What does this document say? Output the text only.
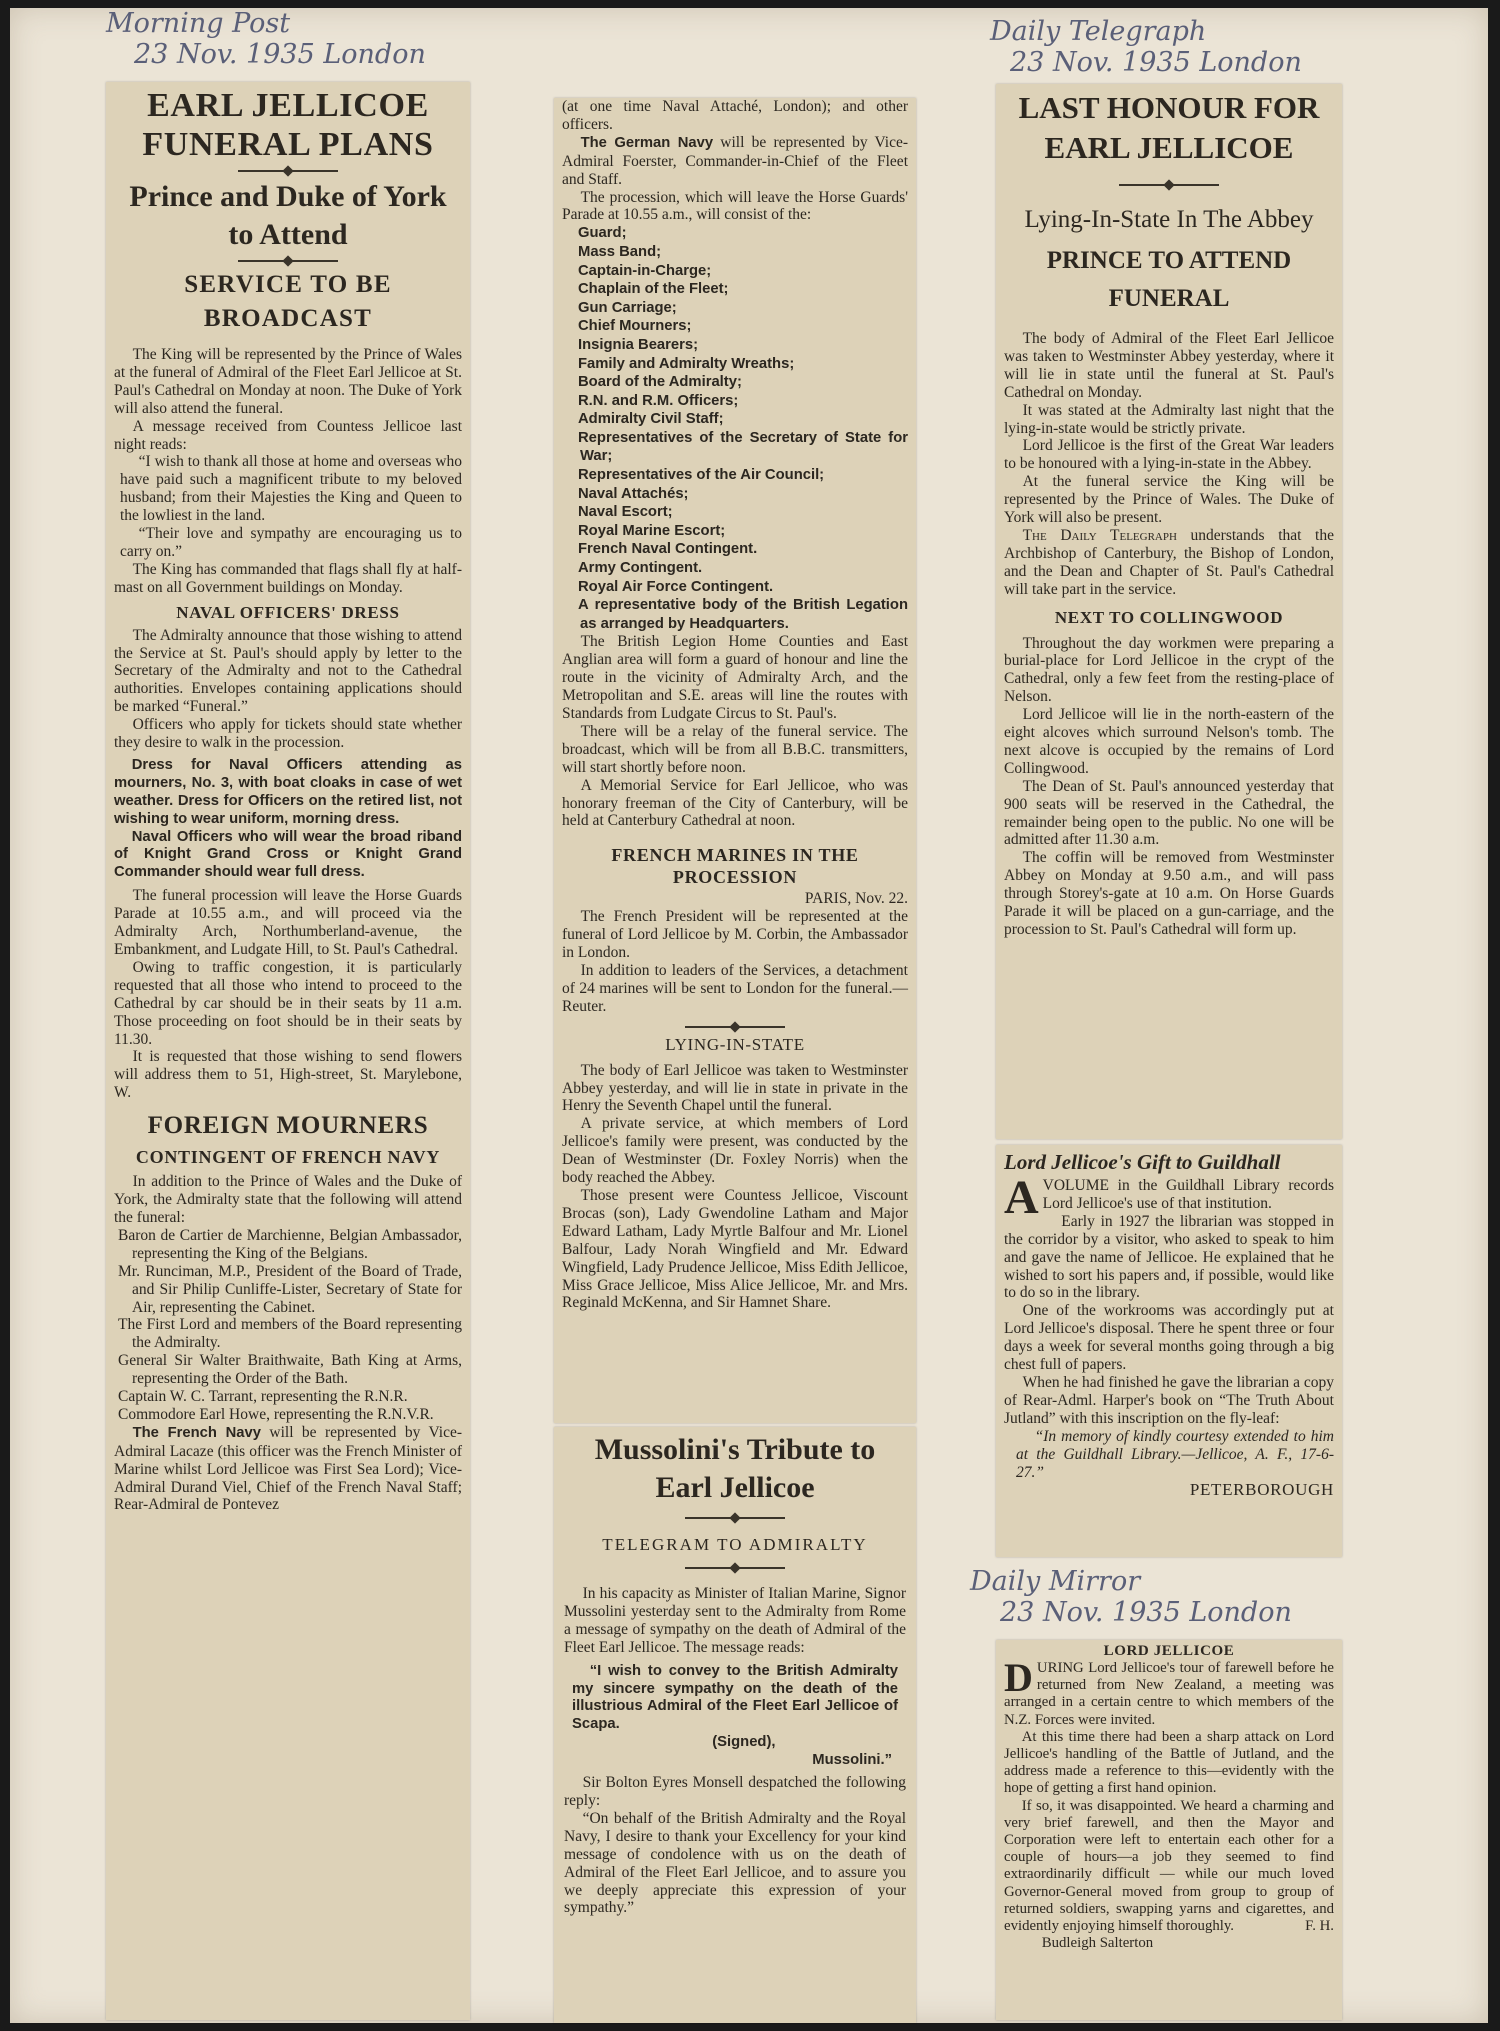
Morning Post
23 Nov. 1935 London
Daily Telegraph
23 Nov. 1935 London
Daily Mirror
23 Nov. 1935 London
EARL JELLICOE FUNERAL PLANS
Prince and Duke of York to Attend
SERVICE TO BE BROADCAST

The King will be represented by the Prince of Wales at the funeral of Admiral of the Fleet Earl Jellicoe at St. Paul's Cathedral on Monday at noon. The Duke of York will also attend the funeral.

A message received from Countess Jellicoe last night reads:

“I wish to thank all those at home and overseas who have paid such a magnificent tribute to my beloved husband; from their Majesties the King and Queen to the lowliest in the land.

“Their love and sympathy are encouraging us to carry on.”

The King has commanded that flags shall fly at half-mast on all Government buildings on Monday.

NAVAL OFFICERS' DRESS

The Admiralty announce that those wishing to attend the Service at St. Paul's should apply by letter to the Secretary of the Admiralty and not to the Cathedral authorities. Envelopes containing applications should be marked “Funeral.”

Officers who apply for tickets should state whether they desire to walk in the procession.

Dress for Naval Officers attending as mourners, No. 3, with boat cloaks in case of wet weather. Dress for Officers on the retired list, not wishing to wear uniform, morning dress.

Naval Officers who will wear the broad riband of Knight Grand Cross or Knight Grand Commander should wear full dress.

The funeral procession will leave the Horse Guards Parade at 10.55 a.m., and will proceed via the Admiralty Arch, Northumberland-avenue, the Embankment, and Ludgate Hill, to St. Paul's Cathedral.

Owing to traffic congestion, it is particularly requested that all those who intend to proceed to the Cathedral by car should be in their seats by 11 a.m. Those proceeding on foot should be in their seats by 11.30.

It is requested that those wishing to send flowers will address them to 51, High-street, St. Marylebone, W.

FOREIGN MOURNERS
CONTINGENT OF FRENCH NAVY

In addition to the Prince of Wales and the Duke of York, the Admiralty state that the following will attend the funeral:

Baron de Cartier de Marchienne, Belgian Ambassador, representing the King of the Belgians.
Mr. Runciman, M.P., President of the Board of Trade, and Sir Philip Cunliffe-Lister, Secretary of State for Air, representing the Cabinet.
The First Lord and members of the Board representing the Admiralty.
General Sir Walter Braithwaite, Bath King at Arms, representing the Order of the Bath.
Captain W. C. Tarrant, representing the R.N.R.
Commodore Earl Howe, representing the R.N.V.R.

The French Navy will be represented by Vice-Admiral Lacaze (this officer was the French Minister of Marine whilst Lord Jellicoe was First Sea Lord); Vice-Admiral Durand Viel, Chief of the French Naval Staff; Rear-Admiral de Pontevez

(at one time Naval Attaché, London); and other officers.

The German Navy will be represented by Vice-Admiral Foerster, Commander-in-Chief of the Fleet and Staff.

The procession, which will leave the Horse Guards' Parade at 10.55 a.m., will consist of the:

Guard;
Mass Band;
Captain-in-Charge;
Chaplain of the Fleet;
Gun Carriage;
Chief Mourners;
Insignia Bearers;
Family and Admiralty Wreaths;
Board of the Admiralty;
R.N. and R.M. Officers;
Admiralty Civil Staff;
Representatives of the Secretary of State for War;
Representatives of the Air Council;
Naval Attachés;
Naval Escort;
Royal Marine Escort;
French Naval Contingent.
Army Contingent.
Royal Air Force Contingent.
A representative body of the British Legation as arranged by Headquarters.

The British Legion Home Counties and East Anglian area will form a guard of honour and line the route in the vicinity of Admiralty Arch, and the Metropolitan and S.E. areas will line the routes with Standards from Ludgate Circus to St. Paul's.

There will be a relay of the funeral service. The broadcast, which will be from all B.B.C. transmitters, will start shortly before noon.

A Memorial Service for Earl Jellicoe, who was honorary freeman of the City of Canterbury, will be held at Canterbury Cathedral at noon.

FRENCH MARINES IN THE PROCESSION

PARIS, Nov. 22.

The French President will be represented at the funeral of Lord Jellicoe by M. Corbin, the Ambassador in London.

In addition to leaders of the Services, a detachment of 24 marines will be sent to London for the funeral.—Reuter.

LYING-IN-STATE

The body of Earl Jellicoe was taken to Westminster Abbey yesterday, and will lie in state in private in the Henry the Seventh Chapel until the funeral.

A private service, at which members of Lord Jellicoe's family were present, was conducted by the Dean of Westminster (Dr. Foxley Norris) when the body reached the Abbey.

Those present were Countess Jellicoe, Viscount Brocas (son), Lady Gwendoline Latham and Major Edward Latham, Lady Myrtle Balfour and Mr. Lionel Balfour, Lady Norah Wingfield and Mr. Edward Wingfield, Lady Prudence Jellicoe, Miss Edith Jellicoe, Miss Grace Jellicoe, Miss Alice Jellicoe, Mr. and Mrs. Reginald McKenna, and Sir Hamnet Share.

Mussolini's Tribute to Earl Jellicoe
TELEGRAM TO ADMIRALTY

In his capacity as Minister of Italian Marine, Signor Mussolini yesterday sent to the Admiralty from Rome a message of sympathy on the death of Admiral of the Fleet Earl Jellicoe. The message reads:

“I wish to convey to the British Admiralty my sincere sympathy on the death of the illustrious Admiral of the Fleet Earl Jellicoe of Scapa.

(Signed),

Mussolini.”

Sir Bolton Eyres Monsell despatched the following reply:

“On behalf of the British Admiralty and the Royal Navy, I desire to thank your Excellency for your kind message of condolence with us on the death of Admiral of the Fleet Earl Jellicoe, and to assure you we deeply appreciate this expression of your sympathy.”

LAST HONOUR FOR EARL JELLICOE
Lying-In-State In The Abbey
PRINCE TO ATTEND FUNERAL

The body of Admiral of the Fleet Earl Jellicoe was taken to Westminster Abbey yesterday, where it will lie in state until the funeral at St. Paul's Cathedral on Monday.

It was stated at the Admiralty last night that the lying-in-state would be strictly private.

Lord Jellicoe is the first of the Great War leaders to be honoured with a lying-in-state in the Abbey.

At the funeral service the King will be represented by the Prince of Wales. The Duke of York will also be present.

The Daily Telegraph understands that the Archbishop of Canterbury, the Bishop of London, and the Dean and Chapter of St. Paul's Cathedral will take part in the service.

NEXT TO COLLINGWOOD

Throughout the day workmen were preparing a burial-place for Lord Jellicoe in the crypt of the Cathedral, only a few feet from the resting-place of Nelson.

Lord Jellicoe will lie in the north-eastern of the eight alcoves which surround Nelson's tomb. The next alcove is occupied by the remains of Lord Collingwood.

The Dean of St. Paul's announced yesterday that 900 seats will be reserved in the Cathedral, the remainder being open to the public. No one will be admitted after 11.30 a.m.

The coffin will be removed from Westminster Abbey on Monday at 9.50 a.m., and will pass through Storey's-gate at 10 a.m. On Horse Guards Parade it will be placed on a gun-carriage, and the procession to St. Paul's Cathedral will form up.

Lord Jellicoe's Gift to Guildhall

A VOLUME in the Guildhall Library records Lord Jellicoe's use of that institution.

Early in 1927 the librarian was stopped in the corridor by a visitor, who asked to speak to him and gave the name of Jellicoe. He explained that he wished to sort his papers and, if possible, would like to do so in the library.

One of the workrooms was accordingly put at Lord Jellicoe's disposal. There he spent three or four days a week for several months going through a big chest full of papers.

When he had finished he gave the librarian a copy of Rear-Adml. Harper's book on “The Truth About Jutland” with this inscription on the fly-leaf:

“In memory of kindly courtesy extended to him at the Guildhall Library.—Jellicoe, A. F., 17-6-27.”

PETERBOROUGH

LORD JELLICOE

DURING Lord Jellicoe's tour of farewell before he returned from New Zealand, a meeting was arranged in a certain centre to which members of the N.Z. Forces were invited.

At this time there had been a sharp attack on Lord Jellicoe's handling of the Battle of Jutland, and the address made a reference to this—evidently with the hope of getting a first hand opinion.

If so, it was disappointed. We heard a charming and very brief farewell, and then the Mayor and Corporation were left to entertain each other for a couple of hours—a job they seemed to find extraordinarily difficult — while our much loved Governor-General moved from group to group of returned soldiers, swapping yarns and cigarettes, and evidently enjoying himself thoroughly.	F. H.

Budleigh Salterton
